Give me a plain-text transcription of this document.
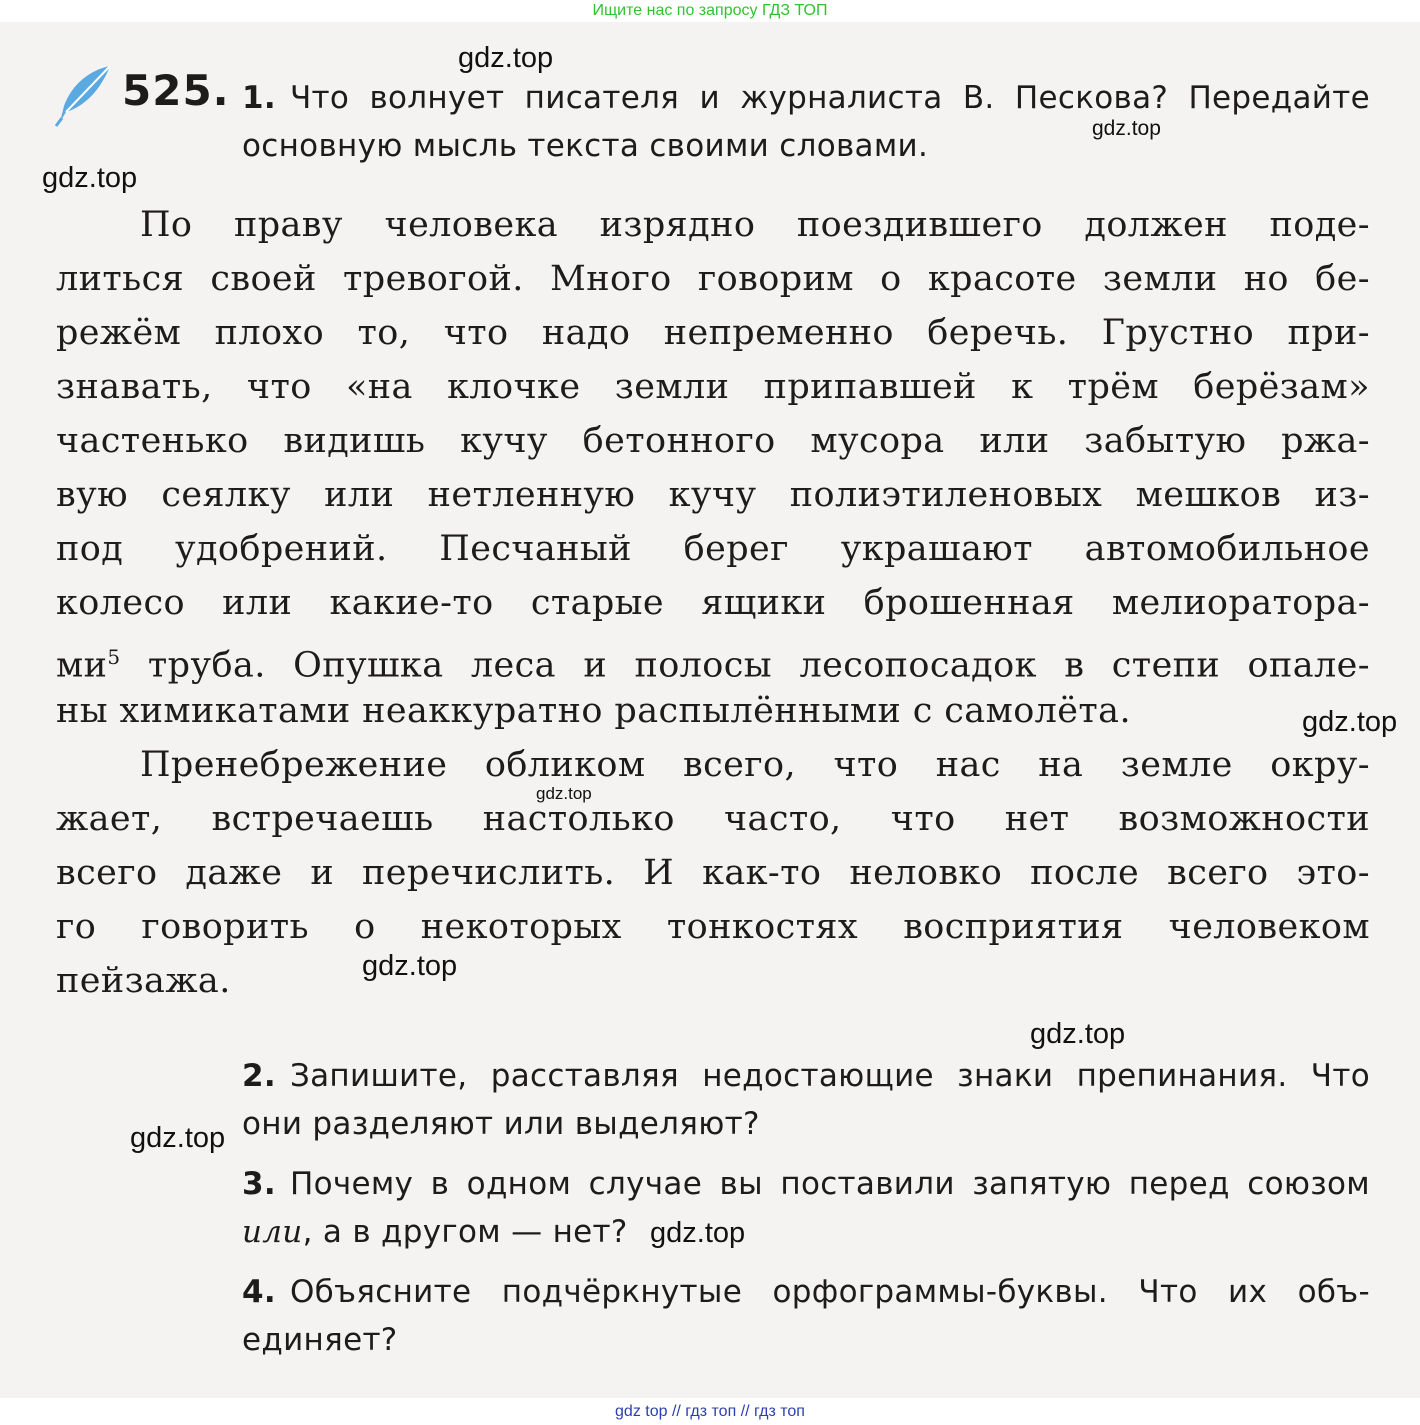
Ищите нас по запросу ГДЗ ТОП
525. 1. Что волнует писателя и журналиста В. Пескова? Передайте
основную мысль текста своими словами.
По праву человека изрядно поездившего должен поде-
литься своей тревогой. Много говорим о красоте земли но бе-
режём плохо то, что надо непременно беречь. Грустно при-
знавать, что «на клочке земли припавшей к трём берёзам»
частенько видишь кучу бетонного мусора или забытую ржа-
вую сеялку или нетленную кучу полиэтиленовых мешков из-
под удобрений. Песчаный берег украшают автомобильное
колесо или какие-то старые ящики брошенная мелиоратора-
$ми^5$ труба. Опушка леса и полосы лесопосадок в степи опале-
ны химикатами неаккуратно распылёнными с самолёта.
Пренебрежение обликом всего, что нас на земле окру-
жает, встречаешь настолько часто, что нет возможности
всего даже и перечислить. И как-то неловко после всего это-
го говорить о некоторых тонкостях восприятия человеком
пейзажа.
2. Запишите, расставляя недостающие знаки препинания. Что
они разделяют или выделяют?
3. Почему в одном случае вы поставили запятую перед союзом
или, а в другом — нет?
4. Объясните подчёркнутые орфограммы-буквы. Что их объ-
единяет?
gdz.top
gdz.top
gdz.top
gdz.top
gdz.top
gdz.top
gdz.top
gdz.top
gdz.top
gdz top // гдз топ // гдз топ
